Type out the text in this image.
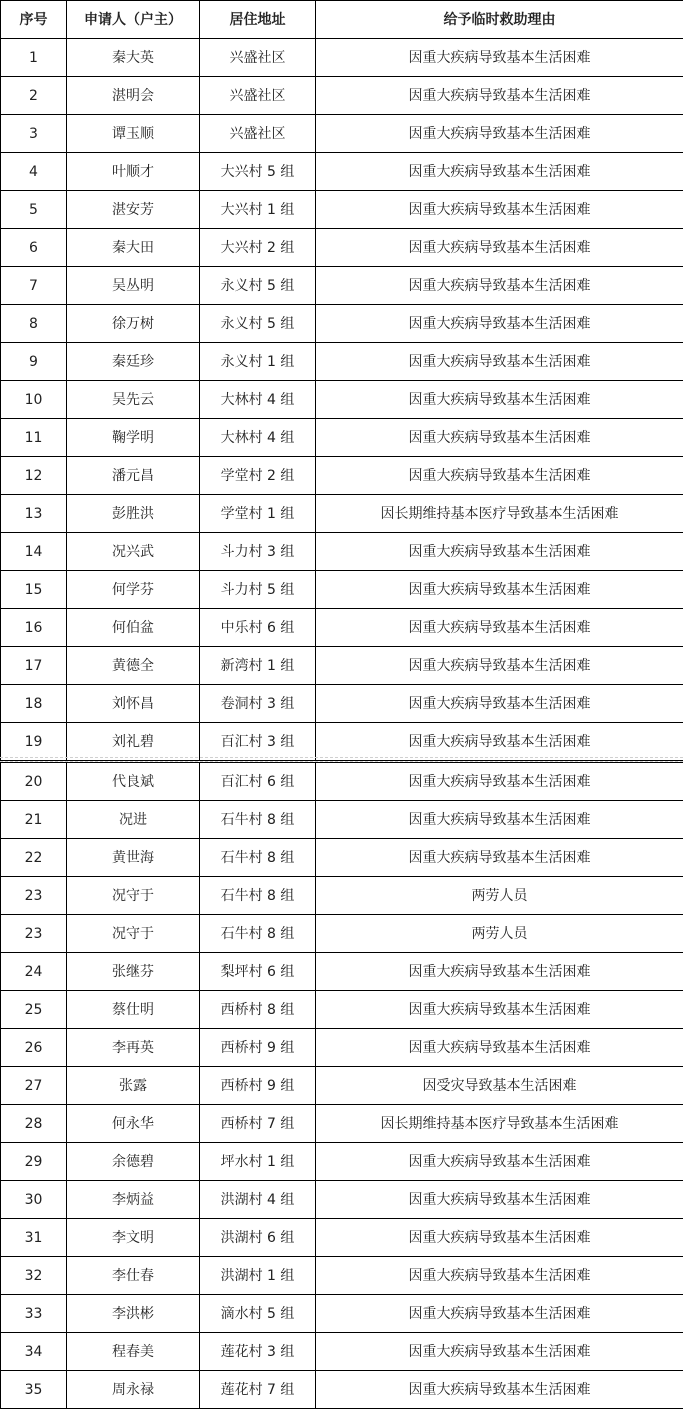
序号	申请人（户主）	居住地址	给予临时救助理由
1	秦大英	兴盛社区	因重大疾病导致基本生活困难
2	湛明会	兴盛社区	因重大疾病导致基本生活困难
3	谭玉顺	兴盛社区	因重大疾病导致基本生活困难
4	叶顺才	大兴村 5 组	因重大疾病导致基本生活困难
5	湛安芳	大兴村 1 组	因重大疾病导致基本生活困难
6	秦大田	大兴村 2 组	因重大疾病导致基本生活困难
7	吴丛明	永义村 5 组	因重大疾病导致基本生活困难
8	徐万树	永义村 5 组	因重大疾病导致基本生活困难
9	秦廷珍	永义村 1 组	因重大疾病导致基本生活困难
10	吴先云	大林村 4 组	因重大疾病导致基本生活困难
11	鞠学明	大林村 4 组	因重大疾病导致基本生活困难
12	潘元昌	学堂村 2 组	因重大疾病导致基本生活困难
13	彭胜洪	学堂村 1 组	因长期维持基本医疗导致基本生活困难
14	况兴武	斗力村 3 组	因重大疾病导致基本生活困难
15	何学芬	斗力村 5 组	因重大疾病导致基本生活困难
16	何伯盆	中乐村 6 组	因重大疾病导致基本生活困难
17	黄德全	新湾村 1 组	因重大疾病导致基本生活困难
18	刘怀昌	卷洞村 3 组	因重大疾病导致基本生活困难
19	刘礼碧	百汇村 3 组	因重大疾病导致基本生活困难
20	代良斌	百汇村 6 组	因重大疾病导致基本生活困难
21	况进	石牛村 8 组	因重大疾病导致基本生活困难
22	黄世海	石牛村 8 组	因重大疾病导致基本生活困难
23	况守于	石牛村 8 组	两劳人员
23	况守于	石牛村 8 组	两劳人员
24	张继芬	梨坪村 6 组	因重大疾病导致基本生活困难
25	蔡仕明	西桥村 8 组	因重大疾病导致基本生活困难
26	李再英	西桥村 9 组	因重大疾病导致基本生活困难
27	张露	西桥村 9 组	因受灾导致基本生活困难
28	何永华	西桥村 7 组	因长期维持基本医疗导致基本生活困难
29	余德碧	坪水村 1 组	因重大疾病导致基本生活困难
30	李炳益	洪湖村 4 组	因重大疾病导致基本生活困难
31	李文明	洪湖村 6 组	因重大疾病导致基本生活困难
32	李仕春	洪湖村 1 组	因重大疾病导致基本生活困难
33	李洪彬	滴水村 5 组	因重大疾病导致基本生活困难
34	程春美	莲花村 3 组	因重大疾病导致基本生活困难
35	周永禄	莲花村 7 组	因重大疾病导致基本生活困难
